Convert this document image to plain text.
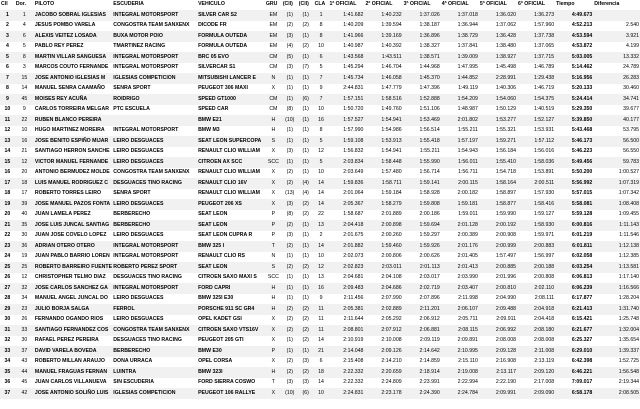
Cll	Dor.	PILOTO	ESCUDERIA	VEHICULO	GRU	(Cll)	(Cll)	CLA	1ª OFICIAL	2ª OFICIAL	3ª OFICIAL	4ª OFICIAL	5ª OFICIAL	6ª OFICIAL	Tiempo	Diferencia
1	1	JACOBO SOBRAL IGLESIAS	INTEGRAL MOTORSPORT	SILVER CAR S2	EM	(1)	(1)	1	1:41.682	1:40.232	1:37.026	1:37.018	1:36.020	1:36.273	4:49.673	
2	4	JESUS POMBO VARELA	CONGOSTRA TEAM SANXENX	DICODE FR	EM	(2)	(2)	8	1:40.209	1:39.594	1:38.187	1:36.944	1:37.062	1:57.960	4:52.213	2.540
3	6	ALEXIS VEITEZ LOSADA	BUXA MOTOR POIO	FORMULA OUTEDA	EM	(3)	(1)	8	1:41.966	1:39.169	1:36.896	1:38.729	1:36.428	1:37.738	4:53.594	3.921
4	5	PABLO REY PEREZ	TMARTINEZ RACING	FORMULA OUTEDA	EM	(4)	(2)	10	1:40.987	1:40.392	1:38.327	1:37.841	1:38.480	1:37.065	4:53.872	4.199
5	8	MARTIN VILLAR SANGUESA	INTEGRAL MOTORSPORT	BRC 05 EVO	CM	(5)	(1)	6	1:43.568	1:43.511	1:38.571	1:39.009	1:38.927	1:37.715	5:03.005	13.332
6	3	MARCOS COUTO FERNANDE	INTEGRAL MOTORSPORT	SILVERCAR S1	CM	(3)	(7)	5	1:45.294	1:46.704	1:44.968	1:47.995	1:45.498	1:46.789	5:14.462	24.789
7	15	JOSE ANTONIO IGLESIAS M	IGLESIAS COMPETICION	MITSUBISHI LANCER E	N	(1)	(1)	7	1:45.734	1:46.058	1:45.370	1:44.852	2:28.991	1:29.438	5:16.956	26.283
8	14	MANUEL SENRA CAAMAÑO	SENRA SPORT	PEUGEOT 306 MAXI	X	(1)	(1)	9	2:44.831	1:47.779	1:47.396	1:49.119	1:40.306	1:46.719	5:20.133	30.460
9	45	MOISES REY ACUÑA	ROIDRIGO	SPEED GT1000	CM	(1)	(6)	7	1:57.151	1:58.516	1:52.888	1:54.209	1:54.060	1:54.375	5:24.414	34.741
10	9	CARLOS TORREIRA MELGAR	PTC ESCUELA	SPEED CAR	CM	(8)	(1)	10	1:50.720	1:49.760	1:51.106	1:48.987	1:50.129	1:40.519	5:29.350	39.677
11	22	RUBEN BLANCO PEREIRA		BMW E21	H	(10)	(1)	16	1:57.527	1:54.941	1:53.469	2:01.802	1:53.277	1:52.127	5:39.850	40.177
12	10	HUGO MARTINEZ MOREIRA	INTEGRAL MOTORSPORT	BMW M3	H	(1)	(1)	8	1:57.990	1:54.986	1:56.514	1:55.211	1:55.321	1:53.931	5:43.468	53.795
13	16	JOSE BENITO ESPIÑO MIJAR	LEIRO DESGUACES	SEAT LEON SUPERCOPA	S	(1)	(1)	5	1:59.108	1:53.913	1:55.418	1:57.197	1:59.271	1:57.112	5:46.173	56.500
14	21	SANTIAGO HERRON SANCHE	LEIRO DESGUACES	RENAULT CLIO WILLIAM	X	(3)	(1)	12	1:56.832	1:54.941	1:55.211	1:54.943	1:56.184	1:56.016	5:46.223	56.550
15	12	VICTOR MANUEL FERNANDE	LEIRO DESGUACES	CITROEN AX SCC	SCC	(1)	(1)	5	2:03.834	1:58.448	1:55.990	1:56.011	1:55.410	1:58.036	5:49.456	59.783
16	20	ANTONIO BERMUDEZ MOLDE	CONGOSTRA TEAM SANXENX	RENAULT CLIO WILLIAM	X	(2)	(1)	10	2:03.649	1:57.480	1:56.714	1:56.711	1:54.718	1:53.891	5:50.200	1:00.527
17	18	LUIS MANUEL RODRIGUEZ C	DESGUACES TINO RACING	RENAULT CLIO 16V	X	(2)	(4)	14	1:59.836	1:58.711	1:59.141	2:00.115	1:58.164	2:00.511	5:56.992	1:07.319
18	17	ROBERTO TORRES LEIRO	SENRA SPORT	RENAULT CLIO WILLIAM	X	(13)	(4)	14	2:01.064	1:59.184	1:58.928	2:00.182	1:58.897	1:57.930	5:57.015	1:07.342
19	39	JOSE MANUEL PAZOS FONTA	LEIRO DESGUACES	PEUGEOT 206 XS	X	(3)	(2)	14	2:05.367	1:58.279	1:59.808	1:59.181	1:58.877	1:58.416	5:58.081	1:08.408
20	40	JUAN LAMELA PEREZ	BERBERECHO	SEAT LEON	P	(8)	(2)	22	1:58.687	2:01.889	2:00.186	1:59.011	1:59.990	1:59.127	5:59.128	1:09.455
21	35	JOSE LUIS JUNCAL SANTIAG	BERBERECHO	SEAT LEON	P	(2)	(1)	13	2:04.418	2:00.898	1:59.694	2:01.128	2:00.192	1:58.930	6:00.816	1:11.143
22	30	JUAN JOSE COVELO LOPEZ	LEIRO DESGUACES	SEAT LEON CUPRA R	P	(3)	(1)	2	2:01.675	2:00.260	1:59.297	2:00.389	2:00.908	1:59.971	6:01.219	1:11.546
23	36	ADRIAN OTERO OTERO	INTEGRAL MOTORSPORT	BMW 325 I	T	(2)	(1)	14	2:01.882	1:59.460	1:59.926	2:01.176	2:00.999	2:00.883	6:01.811	1:12.138
24	19	JUAN PABLO BARRIO LOREN	INTEGRAL MOTORSPORT	RENAULT CLIO RS	N	(1)	(1)	10	2:02.073	2:00.806	2:00.626	2:01.405	1:57.497	1:56.997	6:02.058	1:12.385
25	25	ROBERTO BARREIRO FUENTE	ROBERTO PEREZ SPORT	SEAT LEON	S	(2)	(2)	12	2:02.823	2:03.011	2:01.113	2:01.413	2:00.885	2:00.188	6:03.254	1:13.581
26	12	CHRISTOPHER TELMO DIAZ	DESGUACES TINO RACING	CITROEN SAXO MAXI S	SCC	(1)	(1)	13	2:04.681	2:04.108	2:03.017	2:03.990	2:01.996	2:00.808	6:06.813	1:17.140
27	32	JOSE CARLOS SANCHEZ GA	INTEGRAL MOTORSPORT	FORD CAPRI	H	(1)	(1)	16	2:09.483	2:04.686	2:02.719	2:03.407	2:00.810	2:02.110	6:06.239	1:16.566
28	34	MANUEL ANGEL JUNCAL DO	LEIRO DESGUACES	BMW 325I E30	H	(1)	(1)	9	2:11.456	2:07.990	2:07.896	2:11.998	2:04.990	2:08.111	6:17.877	1:28.204
29	23	JULIO BORJA SALGA	FERROL	PORSCHE 911 SC GR4	H	(2)	(2)	11	2:05.381	2:02.889	2:11.201	2:06.107	2:09.488	2:04.918	6:21.413	1:31.740
30	26	FERNANDO OGANDO RIOS	LEIRO DESGUACES	OPEL KADET GSI	X	(2)	(2)	11	2:11.644	2:05.292	2:06.912	2:05.711	2:09.911	2:04.418	6:15.421	1:25.748
31	33	SANTIAGO FERNANDEZ COS	CONGOSTRA TEAM SANXENX	CITROEN SAXO VTS16V	X	(2)	(2)	11	2:08.801	2:07.912	2:06.881	2:08.115	2:06.992	2:08.180	6:21.677	1:32.004
32	30	RAFAEL PEREZ PEREIRA	DESGUACES TINO RACING	PEUGEOT 205 GTI	X	(1)	(2)	14	2:10.919	2:10.008	2:09.119	2:09.891	2:08.008	2:08.008	6:25.327	1:35.654
33	37	DAVID VARELA BOVEDA	BERBERECHO	BMW E30	P	(1)	(1)	21	2:14.048	2:09.126	2:14.642	2:10.995	2:09.128	2:11.008	6:29.010	1:39.337
34	43	ROBERTO MILLAN ARAUJO	DONA URRACA	OPEL CORSA	X	(2)	(3)	6	2:15.408	2:14.210	2:14.859	2:15.110	2:16.908	2:13.119	6:42.398	1:52.725
35	44	MANUEL FRAGUAS FERNAN	LUINTRA	BMW 323I	H	(2)	(2)	18	2:22.332	2:20.659	2:18.914	2:19.008	2:13.117	2:09.120	6:46.221	1:56.548
36	45	JUAN CARLOS VILLANUEVA	SIN ESCUDERIA	FORD SIERRA COSWO	T	(3)	(3)	14	2:22.332	2:24.809	2:23.991	2:22.994	2:22.190	2:17.008	7:09.017	2:19.344
37	42	JOSE ANTONIO SOLIÑO LUIS	IGLESIAS COMPETICION	PEUGEOT 106 RALLYE	X	(10)	(6)	10	2:24.831	2:23.178	2:24.390	2:24.784	2:09.991	2:09.090	6:58.178	2:08.505
